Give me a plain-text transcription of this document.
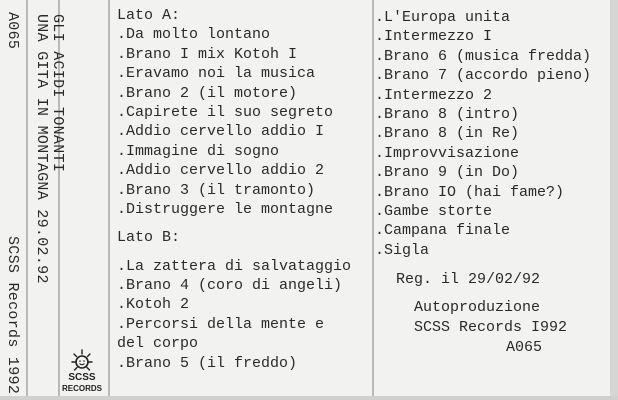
A065
SCSS Records 1992
GLI ACIDI TONANTI
UNA GITA IN MONTAGNA 29.02.92
SCSS
RECORDS
Lato A:
.Da molto lontano
.Brano I mix Kotoh I
.Eravamo noi la musica
.Brano 2 (il motore)
.Capirete il suo segreto
.Addio cervello addio I
.Immagine di sogno
.Addio cervello addio 2
.Brano 3 (il tramonto)
.Distruggere le montagne
Lato B:
.La zattera di salvataggio
.Brano 4 (coro di angeli)
.Kotoh 2
.Percorsi della mente e
del corpo
.Brano 5 (il freddo)
.L'Europa unita
.Intermezzo I
.Brano 6 (musica fredda)
.Brano 7 (accordo pieno)
.Intermezzo 2
.Brano 8 (intro)
.Brano 8 (in Re)
.Improvvisazione
.Brano 9 (in Do)
.Brano IO (hai fame?)
.Gambe storte
.Campana finale
.Sigla
Reg. il 29/02/92
Autoproduzione
SCSS Records I992
A065
